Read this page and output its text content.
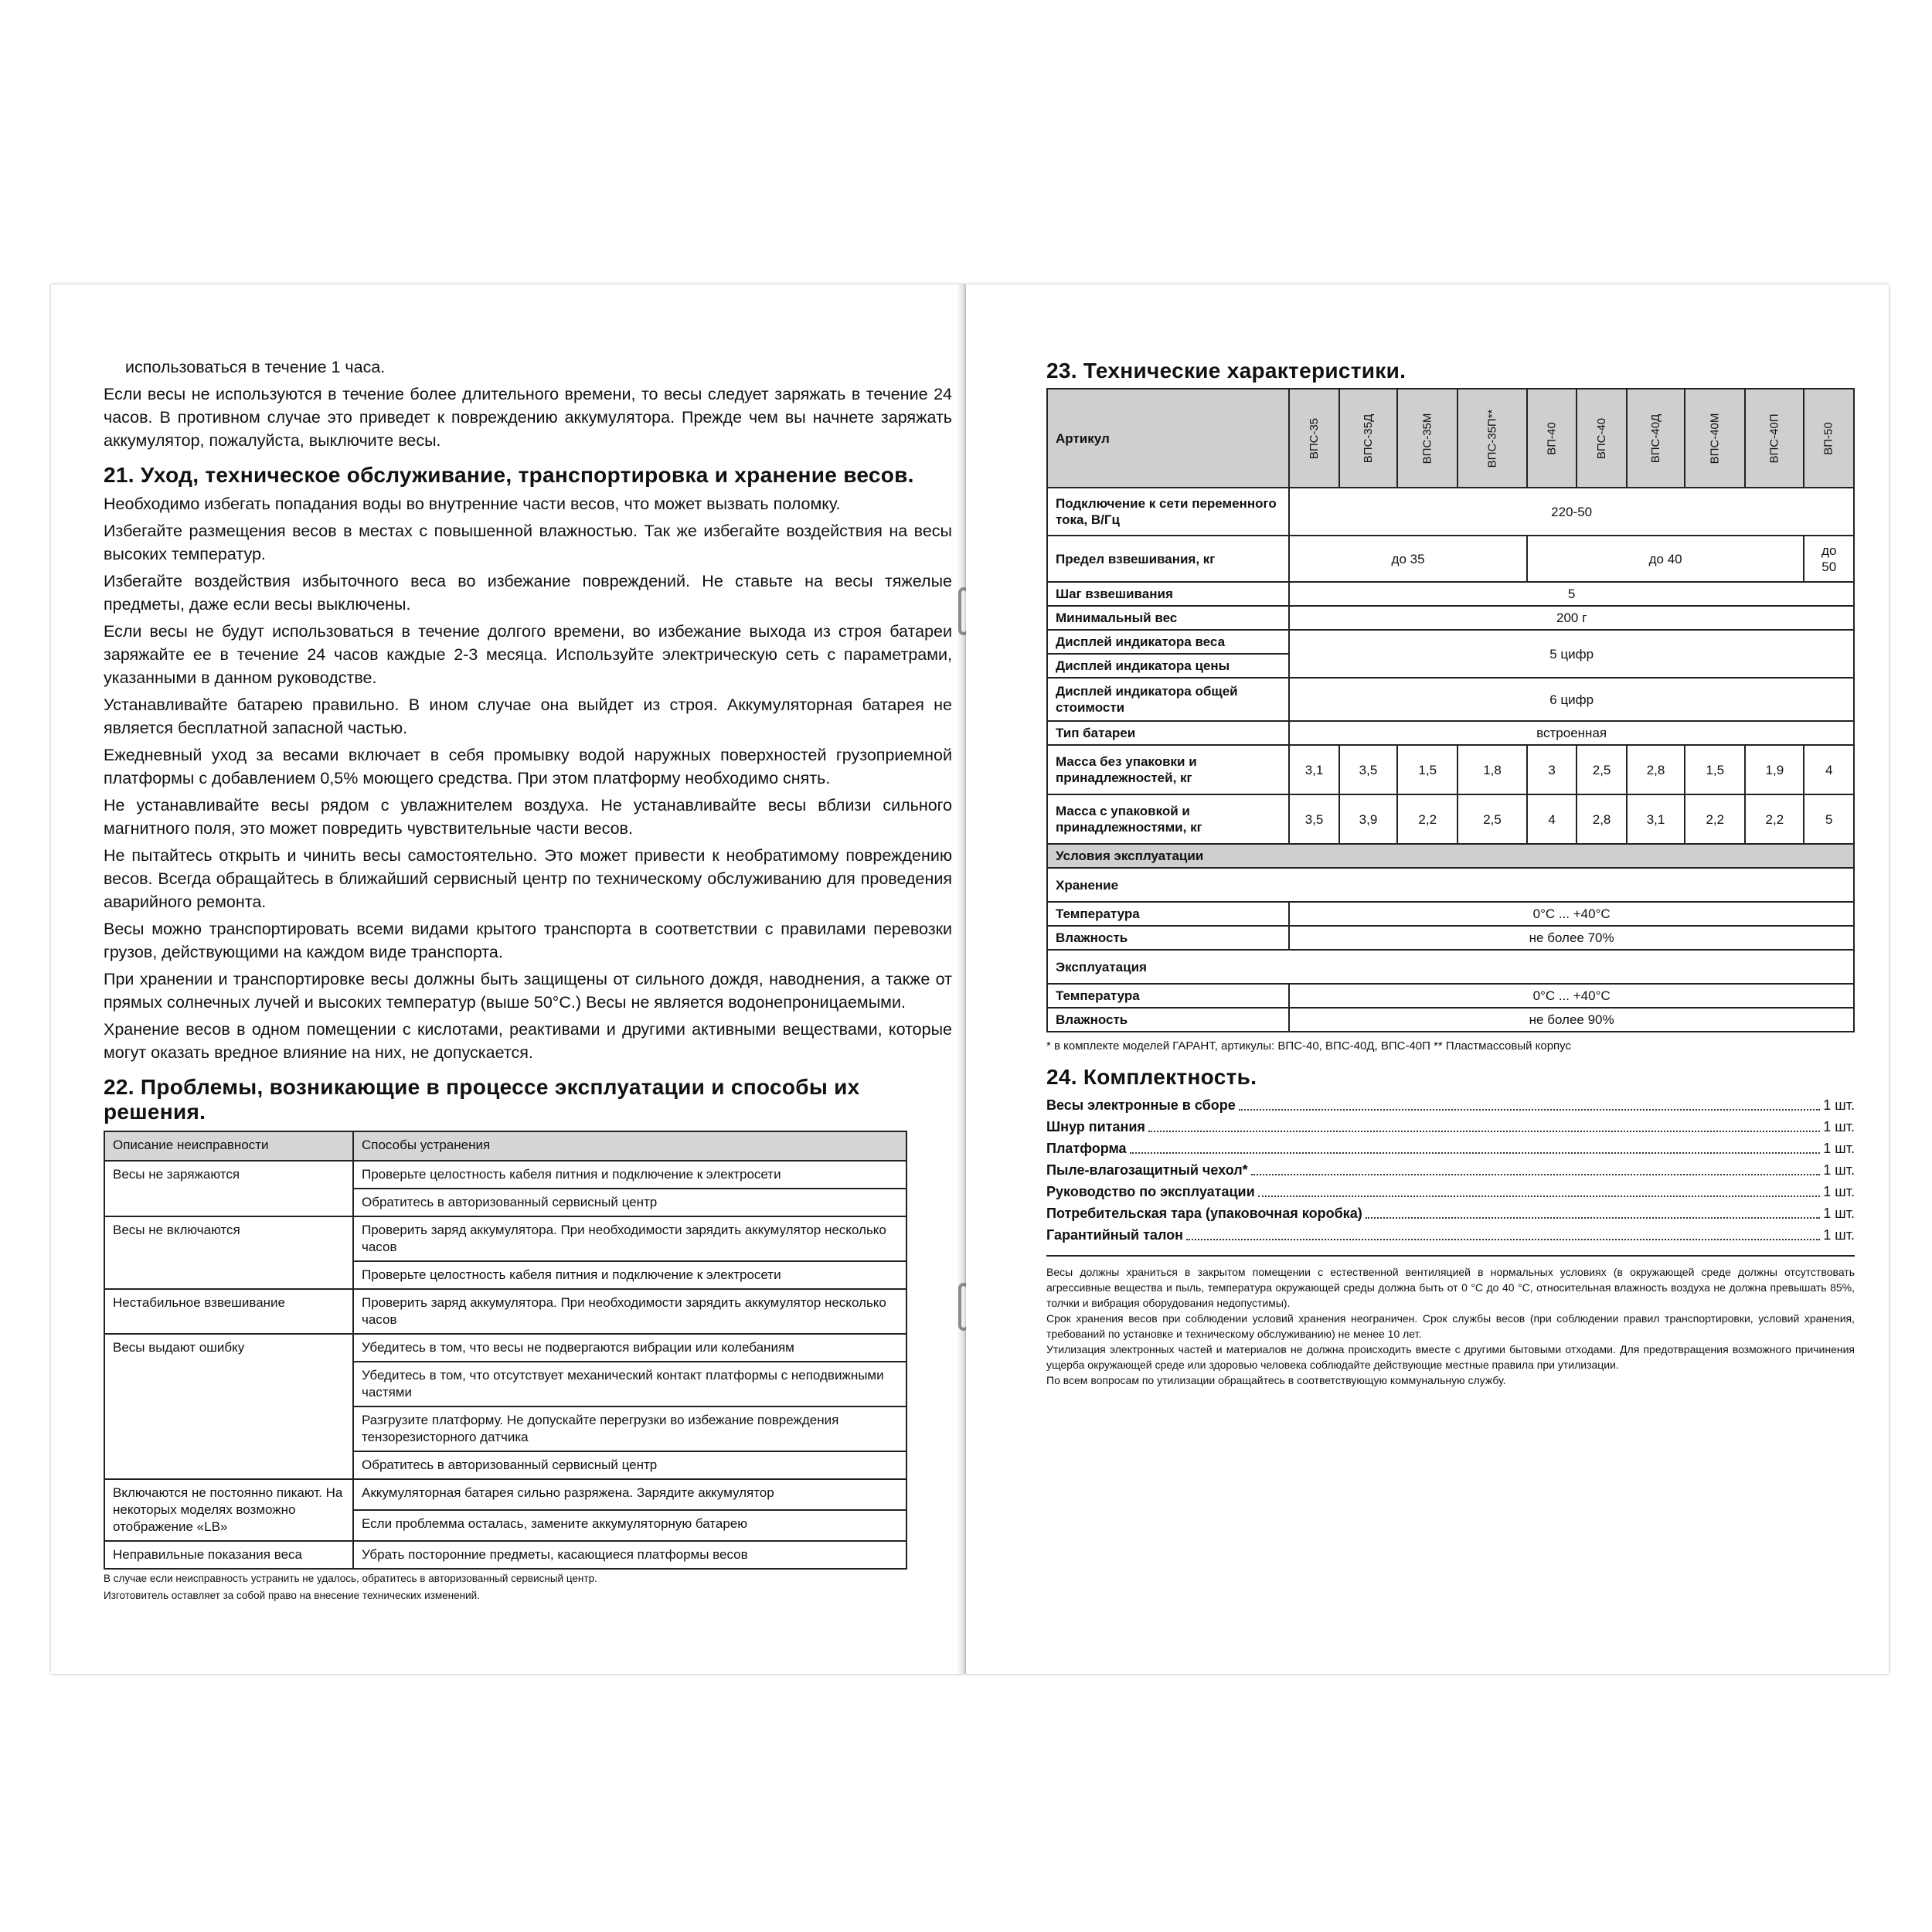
использоваться в течение 1 часа.

Если весы не используются в течение более длительного времени, то весы следует заряжать в течение 24 часов. В противном случае это приведет к повреждению аккумулятора. Прежде чем вы начнете заряжать аккумулятор, пожалуйста, выключите весы.

21. Уход, техническое обслуживание, транспортировка и хранение весов.

Необходимо избегать попадания воды во внутренние части весов, что может вызвать поломку.

Избегайте размещения весов в местах с повышенной влажностью. Так же избегайте воздействия на весы высоких температур.

Избегайте воздействия избыточного веса во избежание повреждений. Не ставьте на весы тяжелые предметы, даже если весы выключены.

Если весы не будут использоваться в течение долгого времени, во избежание выхода из строя батареи заряжайте ее в течение 24 часов каждые 2-3 месяца. Используйте электрическую сеть с параметрами, указанными в данном руководстве.

Устанавливайте батарею правильно. В ином случае она выйдет из строя. Аккумуляторная батарея не является бесплатной запасной частью.

Ежедневный уход за весами включает в себя промывку водой наружных поверхностей грузоприемной платформы с добавлением 0,5% моющего средства. При этом платформу необходимо снять.

Не устанавливайте весы рядом с увлажнителем воздуха. Не устанавливайте весы вблизи сильного магнитного поля, это может повредить чувствительные части весов.

Не пытайтесь открыть и чинить весы самостоятельно. Это может привести к необратимому повреждению весов. Всегда обращайтесь в ближайший сервисный центр по техническому обслуживанию для проведения аварийного ремонта.

Весы можно транспортировать всеми видами крытого транспорта в соответствии с правилами перевозки грузов, действующими на каждом виде транспорта.

При хранении и транспортировке весы должны быть защищены от сильного дождя, наводнения, а также от прямых солнечных лучей и высоких температур (выше 50°С.) Весы не является водонепроницаемыми.

Хранение весов в одном помещении с кислотами, реактивами и другими активными веществами, которые могут оказать вредное влияние на них, не допускается.

22. Проблемы, возникающие в процессе эксплуатации и способы их решения.
Описание неисправности	Способы устранения
Весы не заряжаются	Проверьте целостность кабеля питния и подключение к электросети
	Обратитесь в авторизованный сервисный центр
Весы не включаются	Проверить заряд аккумулятора. При необходимости зарядить аккумулятор несколько часов
	Проверьте целостность кабеля питния и подключение к электросети
Нестабильное взвешивание	Проверить заряд аккумулятора. При необходимости зарядить аккумулятор несколько часов
Весы выдают ошибку	Убедитесь в том, что весы не подвергаются вибрации или колебаниям
	Убедитесь в том, что отсутствует механический контакт платформы с неподвижными частями
	Разгрузите платформу. Не допускайте перегрузки во избежание повреждения тензорезисторного датчика
	Обратитесь в авторизованный сервисный центр
Включаются не постоянно пикают. На некоторых моделях возможно отображение «LB»	Аккумуляторная батарея сильно разряжена. Зарядите аккумулятор
	Если проблемма осталась, замените аккумуляторную батарею
Неправильные показания веса	Убрать посторонние предметы, касающиеся платформы весов

В случае если неисправность устранить не удалось, обратитесь в авторизованный сервисный центр.

Изготовитель оставляет за собой право на внесение технических изменений.

23. Технические характеристики.
Артикул	ВПС-35	ВПС-35Д	ВПС-35М	ВПС-35П**	ВП-40	ВПС-40	ВПС-40Д	ВПС-40М	ВПС-40П	ВП-50
Подключение к сети переменного тока, В/Гц	220-50									
Предел взвешивания, кг	до 35				до 40					до 50
Шаг взвешивания	5									
Минимальный вес	200 г									
Дисплей индикатора веса	5 цифр									
Дисплей индикатора цены										
Дисплей индикатора общей стоимости	6 цифр									
Тип батареи	встроенная									
Масса без упаковки и принадлежностей, кг	3,1	3,5	1,5	1,8	3	2,5	2,8	1,5	1,9	4
Масса с упаковкой и принадлежностями, кг	3,5	3,9	2,2	2,5	4	2,8	3,1	2,2	2,2	5
Условия эксплуатации										
Хранение										
Температура	0°С ... +40°С									
Влажность	не более 70%									
Эксплуатация										
Температура	0°С ... +40°С									
Влажность	не более 90%									

* в комплекте моделей ГАРАНТ, артикулы: ВПС-40, ВПС-40Д, ВПС-40П ** Пластмассовый корпус

24. Комплектность.
Весы электронные в сборе	1 шт.
Шнур питания	1 шт.
Платформа	1 шт.
Пыле-влагозащитный чехол*	1 шт.
Руководство по эксплуатации	1 шт.
Потребительская тара (упаковочная коробка)	1 шт.
Гарантийный талон	1 шт.

Весы должны храниться в закрытом помещении с естественной вентиляцией в нормальных условиях (в окружающей среде должны отсутствовать агрессивные вещества и пыль, температура окружающей среды должна быть от 0 °С до 40 °С, относительная влажность воздуха не должна превышать 85%, толчки и вибрация оборудования недопустимы).

Срок хранения весов при соблюдении условий хранения неограничен. Срок службы весов (при соблюдении правил транспортировки, условий хранения, требований по установке и техническому обслуживанию) не менее 10 лет.

Утилизация электронных частей и материалов не должна происходить вместе с другими бытовыми отходами. Для предотвращения возможного причинения ущерба окружающей среде или здоровью человека соблюдайте действующие местные правила при утилизации.

По всем вопросам по утилизации обращайтесь в соответствующую коммунальную службу.
